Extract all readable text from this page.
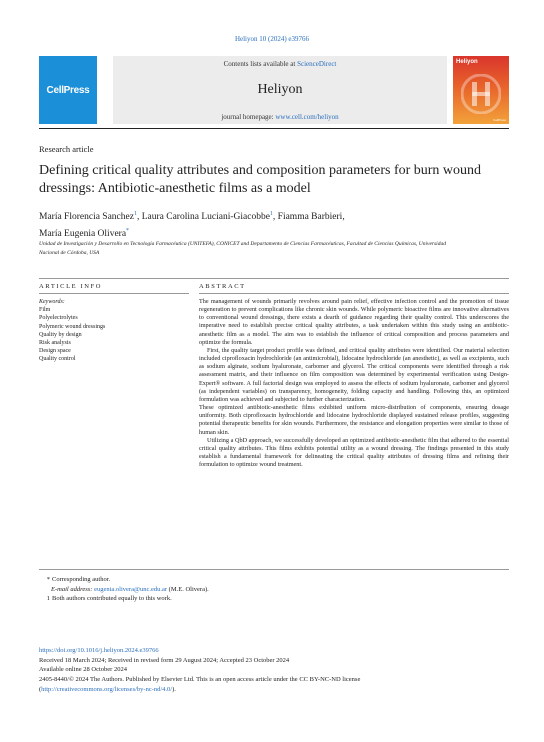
Heliyon 10 (2024) e39766
CellPress
Contents lists available at ScienceDirect
Heliyon
journal homepage: www.cell.com/heliyon
Heliyon
CellPress
Research article
Defining critical quality attributes and composition parameters for burn wound dressings: Antibiotic-anesthetic films as a model
María Florencia Sanchez$^1$, Laura Carolina Luciani-Giacobbe$^1$, Fiamma Barbieri,
María Eugenia Olivera*
Unidad de Investigación y Desarrollo en Tecnología Farmacéutica (UNITEFA), CONICET and Departamento de Ciencias Farmacéuticas, Facultad de Ciencias Químicas, Universidad Nacional de Córdoba, USA
ARTICLE INFO	ABSTRACT
Keywords:
Film
Polyelectrolytes
Polymeric wound dressings
Quality by design
Risk analysis
Design space
Quality control

The management of wounds primarily revolves around pain relief, effective infection control and the promotion of tissue regeneration to prevent complications like chronic skin wounds. While polymeric bioactive films are innovative alternatives to conventional wound dressings, there exists a dearth of guidance regarding their quality control. This underscores the imperative need to establish precise critical quality attributes, a task undertaken within this study using an antibiotic-anesthetic film as a model. The aim was to establish the influence of critical composition and process parameters and optimize the formula.

First, the quality target product profile was defined, and critical quality attributes were identified. Our material selection included ciprofloxacin hydrochloride (an antimicrobial), lidocaine hydrochloride (an anesthetic), as well as excipients, such as sodium alginate, sodium hyaluronate, carbomer and glycerol. The critical components were identified through a risk assessment matrix, and their influence on film composition was determined by experimental verification using Design-Expert® software. A full factorial design was employed to assess the effects of sodium hyaluronate, carbomer and glycerol (as independent variables) on transparency, homogeneity, folding capacity and handling. Following this, an optimized formulation was achieved and subjected to further characterization.

These optimized antibiotic-anesthetic films exhibited uniform micro-distribution of components, ensuring dosage uniformity. Both ciprofloxacin hydrochloride and lidocaine hydrochloride displayed sustained release profiles, suggesting potential therapeutic benefits for skin wounds. Furthermore, the resistance and elongation properties were similar to those of human skin.

Utilizing a QbD approach, we successfully developed an optimized antibiotic-anesthetic film that adhered to the essential critical quality attributes. This films exhibits potential utility as a wound dressing. The findings presented in this study establish a fundamental framework for delineating the critical quality attributes of dressing films and refining their formulation to optimize wound treatment.

* Corresponding author.
E-mail address: eugenia.olivera@unc.edu.ar (M.E. Olivera).
1 Both authors contributed equally to this work.
https://doi.org/10.1016/j.heliyon.2024.e39766
Received 18 March 2024; Received in revised form 29 August 2024; Accepted 23 October 2024
Available online 28 October 2024
2405-8440/© 2024 The Authors. Published by Elsevier Ltd. This is an open access article under the CC BY-NC-ND license
(http://creativecommons.org/licenses/by-nc-nd/4.0/).
